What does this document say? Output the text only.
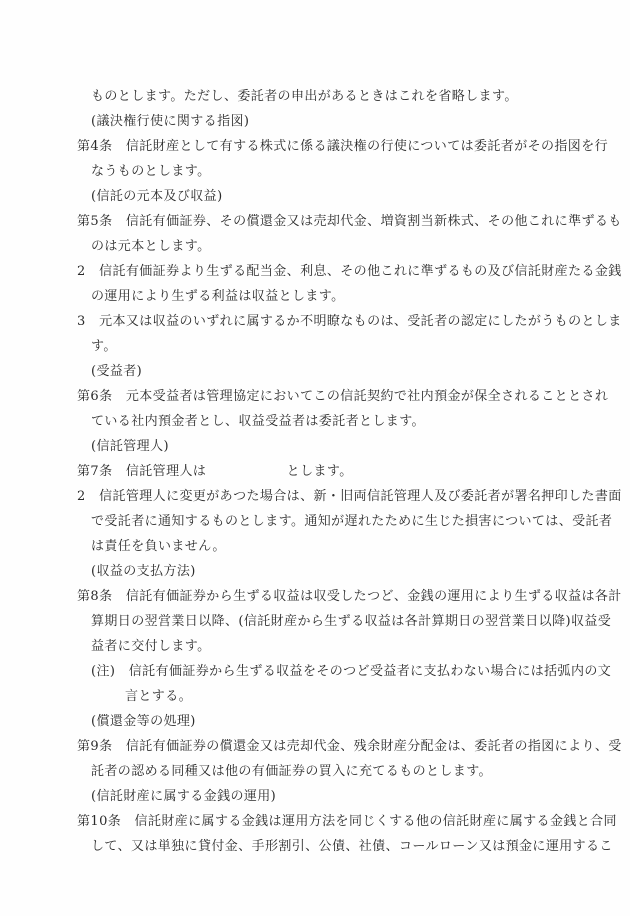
ものとします。ただし、委託者の申出があるときはこれを省略します。
(議決権行使に関する指図)
第4条　信託財産として有する株式に係る議決権の行使については委託者がその指図を行
なうものとします。
(信託の元本及び収益)
第5条　信託有価証券、その償還金又は売却代金、増資割当新株式、その他これに準ずるも
のは元本とします。
2　信託有価証券より生ずる配当金、利息、その他これに準ずるもの及び信託財産たる金銭
の運用により生ずる利益は収益とします。
3　元本又は収益のいずれに属するか不明瞭なものは、受託者の認定にしたがうものとしま
す。
(受益者)
第6条　元本受益者は管理協定においてこの信託契約で社内預金が保全されることとされ
ている社内預金者とし、収益受益者は委託者とします。
(信託管理人)
第7条　信託管理人は　　　　　　とします。
2　信託管理人に変更があつた場合は、新・旧両信託管理人及び委託者が署名押印した書面
で受託者に通知するものとします。通知が遅れたために生じた損害については、受託者
は責任を負いません。
(収益の支払方法)
第8条　信託有価証券から生ずる収益は収受したつど、金銭の運用により生ずる収益は各計
算期日の翌営業日以降、(信託財産から生ずる収益は各計算期日の翌営業日以降)収益受
益者に交付します。
(注)　信託有価証券から生ずる収益をそのつど受益者に支払わない場合には括弧内の文
言とする。
(償還金等の処理)
第9条　信託有価証券の償還金又は売却代金、残余財産分配金は、委託者の指図により、受
託者の認める同種又は他の有価証券の買入に充てるものとします。
(信託財産に属する金銭の運用)
第10条　信託財産に属する金銭は運用方法を同じくする他の信託財産に属する金銭と合同
して、又は単独に貸付金、手形割引、公債、社債、コールローン又は預金に運用するこ
